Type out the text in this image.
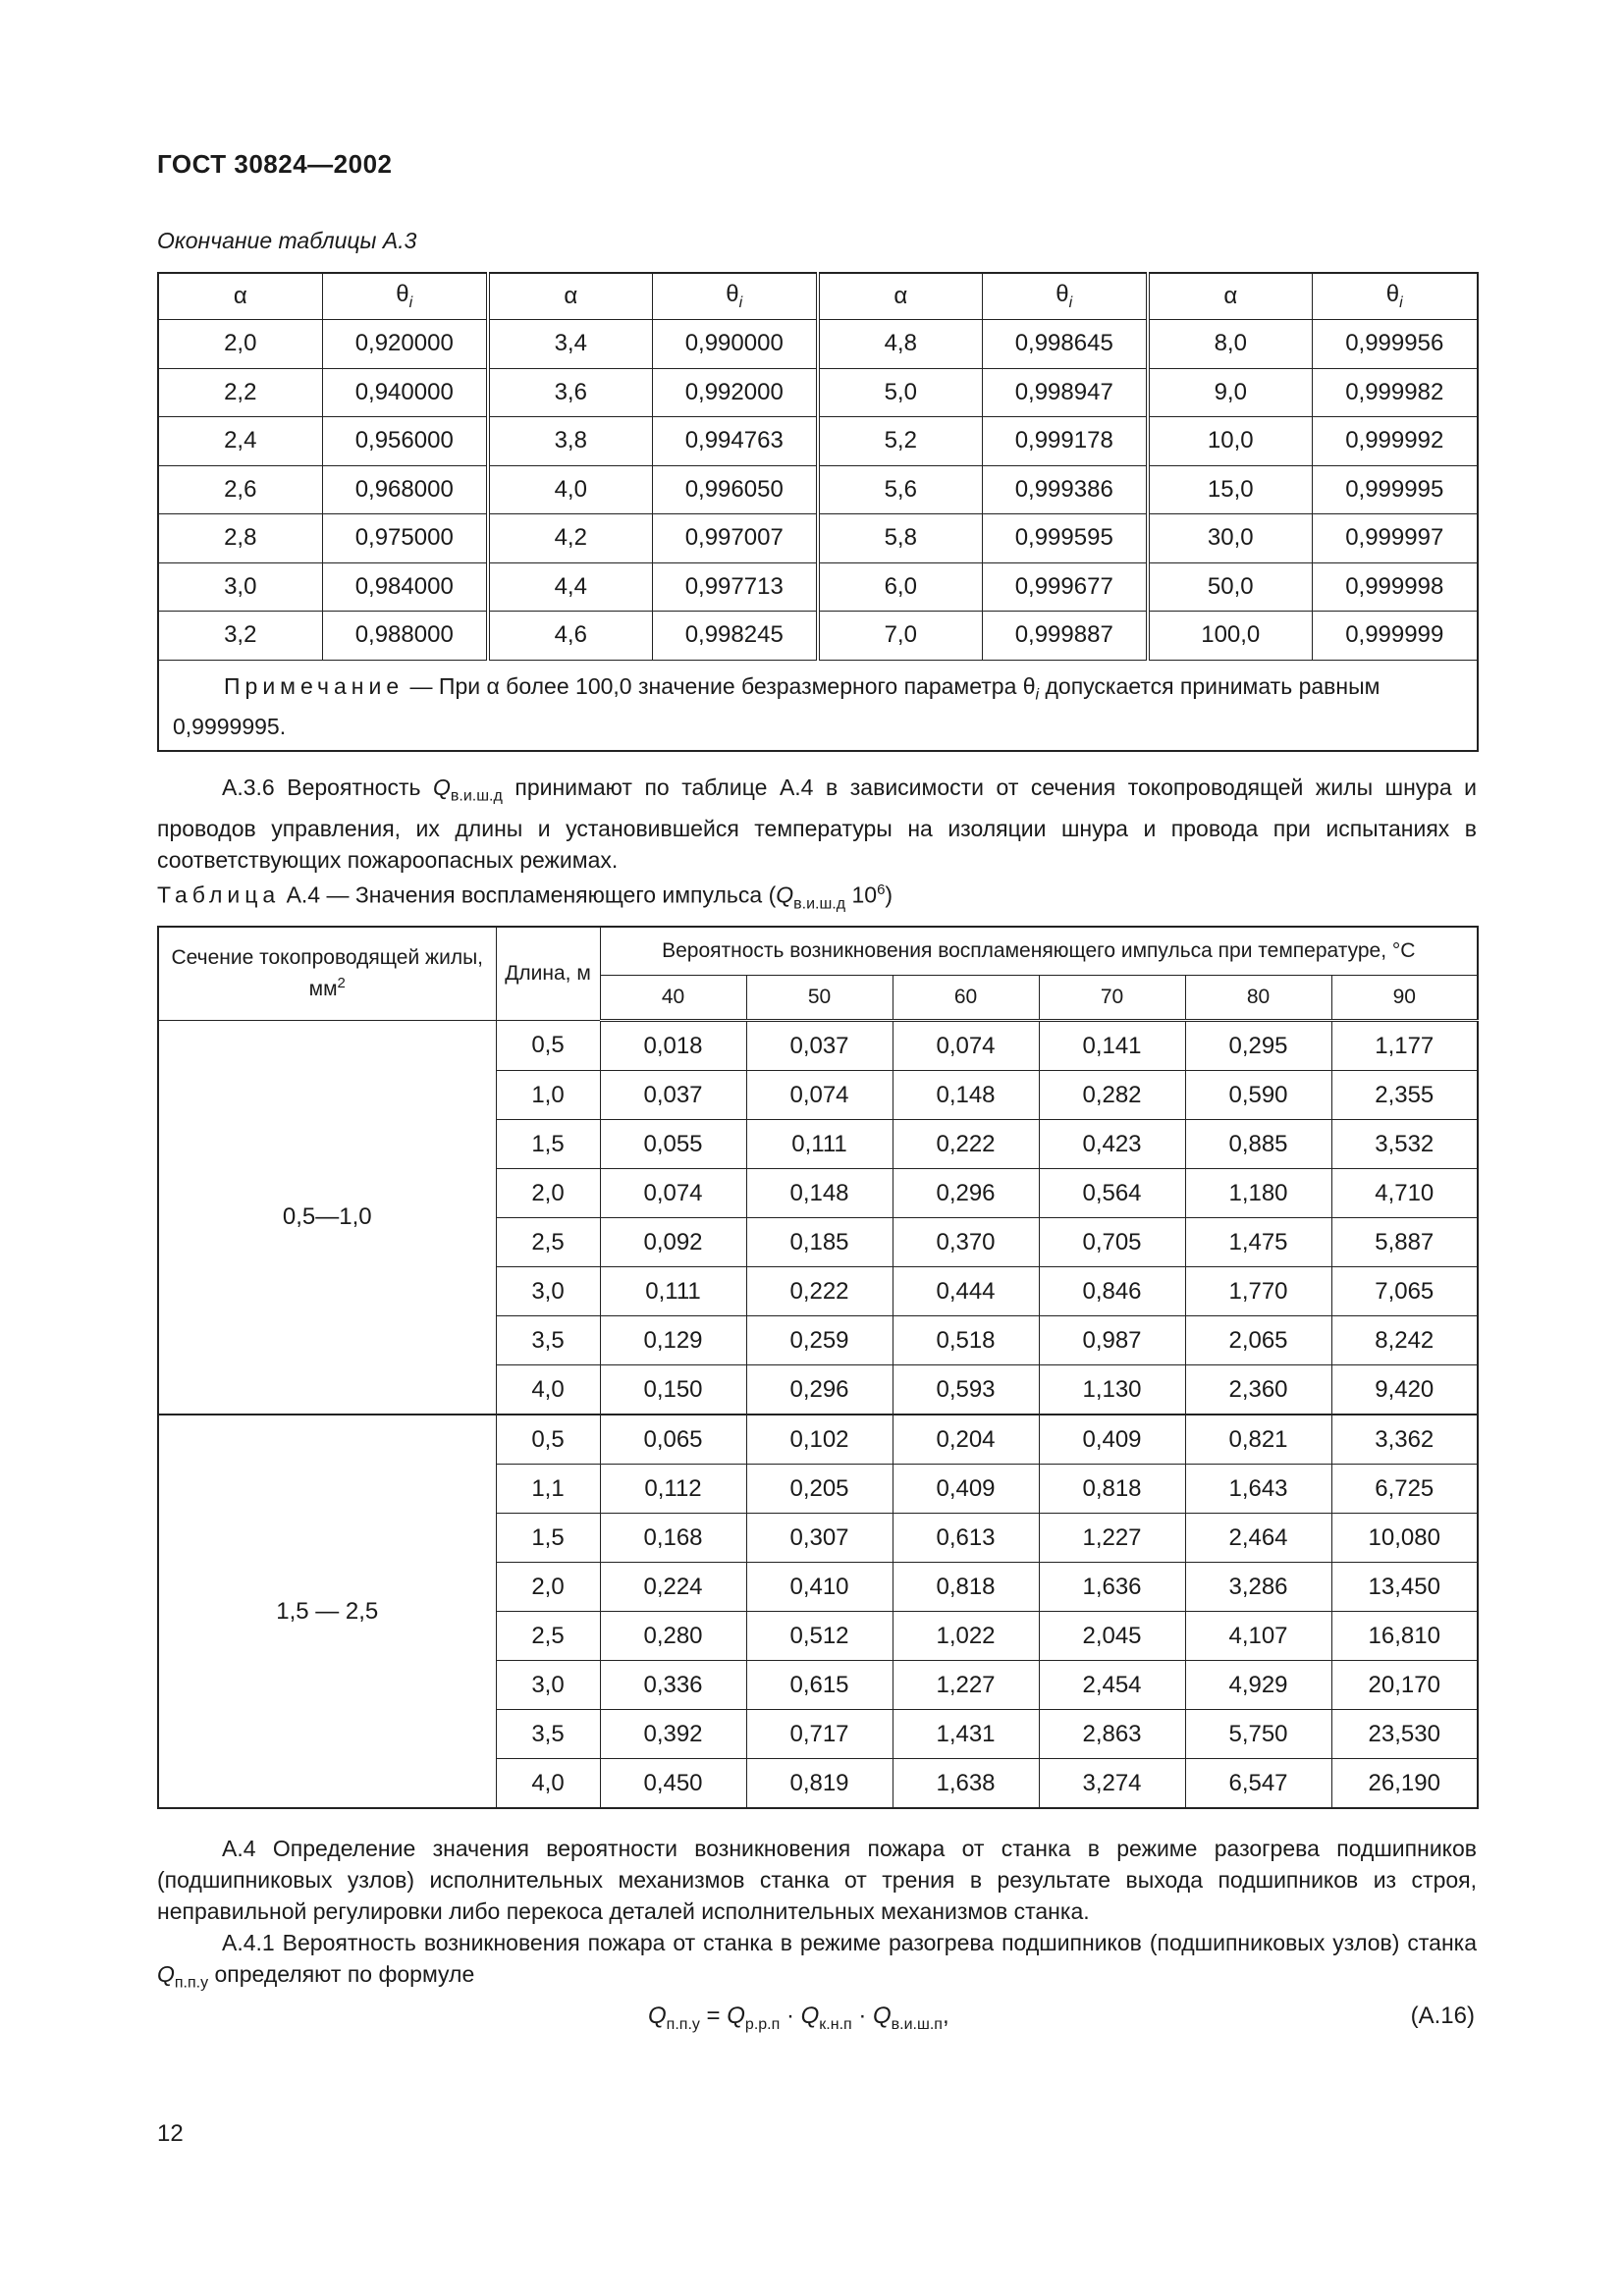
ГОСТ 30824—2002
Окончание таблицы А.3
α	$\theta_i$	α	$\theta_i$	α	$\theta_i$	α	$\theta_i$
2,0	0,920000	3,4	0,990000	4,8	0,998645	8,0	0,999956
2,2	0,940000	3,6	0,992000	5,0	0,998947	9,0	0,999982
2,4	0,956000	3,8	0,994763	5,2	0,999178	10,0	0,999992
2,6	0,968000	4,0	0,996050	5,6	0,999386	15,0	0,999995
2,8	0,975000	4,2	0,997007	5,8	0,999595	30,0	0,999997
3,0	0,984000	4,4	0,997713	6,0	0,999677	50,0	0,999998
3,2	0,988000	4,6	0,998245	7,0	0,999887	100,0	0,999999
Примечание — При α более 100,0 значение безразмерного параметра $\theta_i$ допускается принимать равным 0,9999995.							
А.3.6 Вероятность $Q_{в.и.ш.д}$ принимают по таблице А.4 в зависимости от сечения токопроводящей жилы шнура и проводов управления, их длины и установившейся температуры на изоляции шнура и провода при испытаниях в соответствующих пожароопасных режимах.
Таблица А.4 — Значения воспламеняющего импульса ($Q_{в.и.ш.д}$ $10^6$)
Сечение токопроводящей жилы, $мм^2$	Длина, м	Вероятность возникновения воспламеняющего импульса при температуре, °С					
		40	50	60	70	80	90
0,5—1,0	0,5	0,018	0,037	0,074	0,141	0,295	1,177
	1,0	0,037	0,074	0,148	0,282	0,590	2,355
	1,5	0,055	0,111	0,222	0,423	0,885	3,532
	2,0	0,074	0,148	0,296	0,564	1,180	4,710
	2,5	0,092	0,185	0,370	0,705	1,475	5,887
	3,0	0,111	0,222	0,444	0,846	1,770	7,065
	3,5	0,129	0,259	0,518	0,987	2,065	8,242
	4,0	0,150	0,296	0,593	1,130	2,360	9,420
1,5 — 2,5	0,5	0,065	0,102	0,204	0,409	0,821	3,362
	1,1	0,112	0,205	0,409	0,818	1,643	6,725
	1,5	0,168	0,307	0,613	1,227	2,464	10,080
	2,0	0,224	0,410	0,818	1,636	3,286	13,450
	2,5	0,280	0,512	1,022	2,045	4,107	16,810
	3,0	0,336	0,615	1,227	2,454	4,929	20,170
	3,5	0,392	0,717	1,431	2,863	5,750	23,530
	4,0	0,450	0,819	1,638	3,274	6,547	26,190
А.4 Определение значения вероятности возникновения пожара от станка в режиме разогрева подшипников (подшипниковых узлов) исполнительных механизмов станка от трения в результате выхода подшипников из строя, неправильной регулировки либо перекоса деталей исполнительных механизмов станка.
А.4.1 Вероятность возникновения пожара от станка в режиме разогрева подшипников (подшипниковых узлов) станка $Q_{п.п.у}$ определяют по формуле
$Q_{п.п.у} = Q_{р.р.п} \cdot Q_{к.н.п} \cdot Q_{в.и.ш.п}$,	(А.16)
12
